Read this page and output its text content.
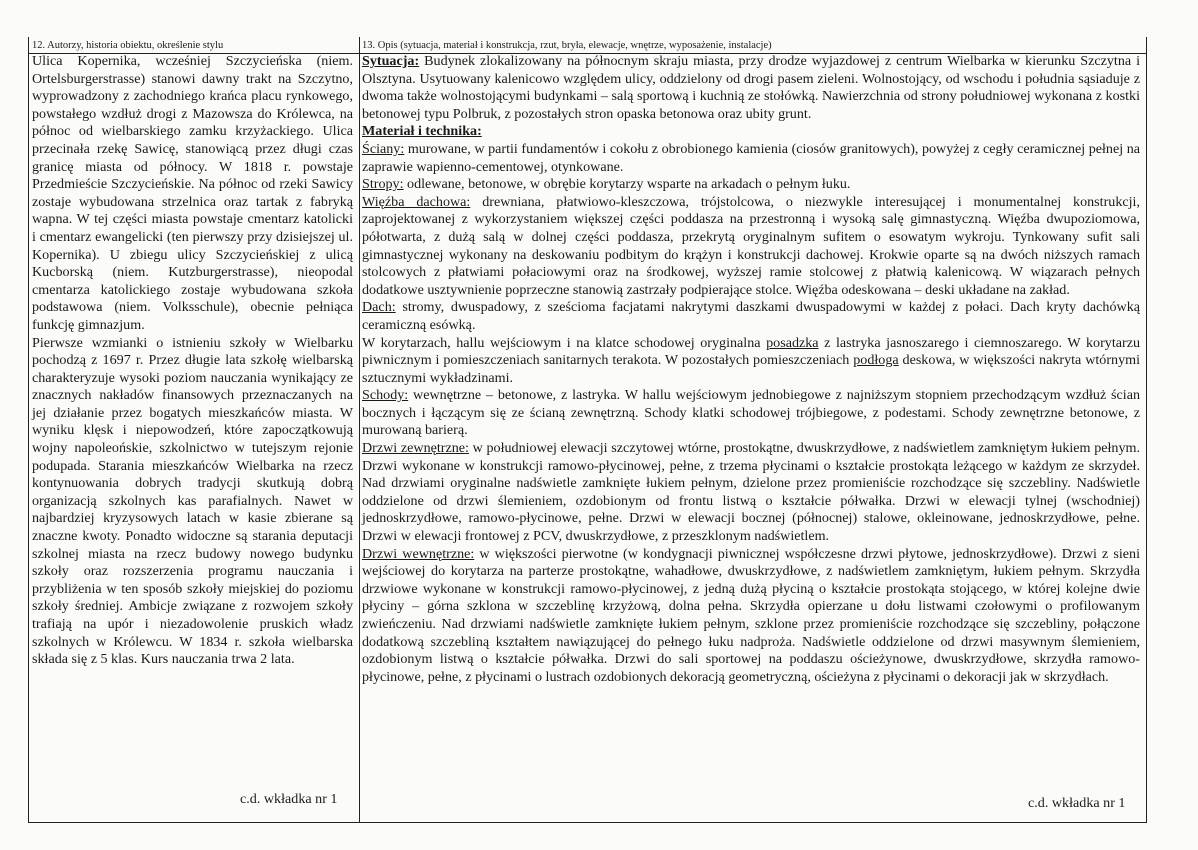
12. Autorzy, historia obiektu, określenie stylu	13. Opis (sytuacja, materiał i konstrukcja, rzut, bryła, elewacje, wnętrze, wyposażenie, instalacje)

Ulica Kopernika, wcześniej Szczycieńska (niem. Ortelsburgerstrasse) stanowi dawny trakt na Szczytno, wyprowadzony z zachodniego krańca placu rynkowego, powstałego wzdłuż drogi z Mazowsza do Królewca, na północ od wielbarskiego zamku krzyżackiego. Ulica przecinała rzekę Sawicę, stanowiącą przez długi czas granicę miasta od północy. W 1818 r. powstaje Przedmieście Szczycieńskie. Na północ od rzeki Sawicy zostaje wybudowana strzelnica oraz tartak z fabryką wapna. W tej części miasta powstaje cmentarz katolicki i cmentarz ewangelicki (ten pierwszy przy dzisiejszej ul. Kopernika). U zbiegu ulicy Szczycieńskiej z ulicą Kucborską (niem. Kutzburgerstrasse), nieopodal cmentarza katolickiego zostaje wybudowana szkoła podstawowa (niem. Volksschule), obecnie pełniąca funkcję gimnazjum.

Pierwsze wzmianki o istnieniu szkoły w Wielbarku pochodzą z 1697 r. Przez długie lata szkołę wielbarską charakteryzuje wysoki poziom nauczania wynikający ze znacznych nakładów finansowych przeznaczanych na jej działanie przez bogatych mieszkańców miasta. W wyniku klęsk i niepowodzeń, które zapoczątkowują wojny napoleońskie, szkolnictwo w tutejszym rejonie podupada. Starania mieszkańców Wielbarka na rzecz kontynuowania dobrych tradycji skutkują dobrą organizacją szkolnych kas parafialnych. Nawet w najbardziej kryzysowych latach w kasie zbierane są znaczne kwoty. Ponadto widoczne są starania deputacji szkolnej miasta na rzecz budowy nowego budynku szkoły oraz rozszerzenia programu nauczania i przybliżenia w ten sposób szkoły miejskiej do poziomu szkoły średniej. Ambicje związane z rozwojem szkoły trafiają na upór i niezadowolenie pruskich władz szkolnych w Królewcu. W 1834 r. szkoła wielbarska składa się z 5 klas. Kurs nauczania trwa 2 lata.

c.d. wkładka nr 1

Sytuacja: Budynek zlokalizowany na północnym skraju miasta, przy drodze wyjazdowej z centrum Wielbarka w kierunku Szczytna i Olsztyna. Usytuowany kalenicowo względem ulicy, oddzielony od drogi pasem zieleni. Wolnostojący, od wschodu i południa sąsiaduje z dwoma także wolnostojącymi budynkami – salą sportową i kuchnią ze stołówką. Nawierzchnia od strony południowej wykonana z kostki betonowej typu Polbruk, z pozostałych stron opaska betonowa oraz ubity grunt.

Materiał i technika:

Ściany: murowane, w partii fundamentów i cokołu z obrobionego kamienia (ciosów granitowych), powyżej z cegły ceramicznej pełnej na zaprawie wapienno-cementowej, otynkowane.

Stropy: odlewane, betonowe, w obrębie korytarzy wsparte na arkadach o pełnym łuku.

Więźba dachowa: drewniana, płatwiowo-kleszczowa, trójstolcowa, o niezwykle interesującej i monumentalnej konstrukcji, zaprojektowanej z wykorzystaniem większej części poddasza na przestronną i wysoką salę gimnastyczną. Więźba dwupoziomowa, półotwarta, z dużą salą w dolnej części poddasza, przekrytą oryginalnym sufitem o esowatym wykroju. Tynkowany sufit sali gimnastycznej wykonany na deskowaniu podbitym do krążyn i konstrukcji dachowej. Krokwie oparte są na dwóch niższych ramach stolcowych z płatwiami połaciowymi oraz na środkowej, wyższej ramie stolcowej z płatwią kalenicową. W wiązarach pełnych dodatkowe usztywnienie poprzeczne stanowią zastrzały podpierające stolce. Więźba odeskowana – deski układane na zakład.

Dach: stromy, dwuspadowy, z sześcioma facjatami nakrytymi daszkami dwuspadowymi w każdej z połaci. Dach kryty dachówką ceramiczną esówką.

W korytarzach, hallu wejściowym i na klatce schodowej oryginalna posadzka z lastryka jasnoszarego i ciemnoszarego. W korytarzu piwnicznym i pomieszczeniach sanitarnych terakota. W pozostałych pomieszczeniach podłoga deskowa, w większości nakryta wtórnymi sztucznymi wykładzinami.

Schody: wewnętrzne – betonowe, z lastryka. W hallu wejściowym jednobiegowe z najniższym stopniem przechodzącym wzdłuż ścian bocznych i łączącym się ze ścianą zewnętrzną. Schody klatki schodowej trójbiegowe, z podestami. Schody zewnętrzne betonowe, z murowaną barierą.

Drzwi zewnętrzne: w południowej elewacji szczytowej wtórne, prostokątne, dwuskrzydłowe, z nadświetlem zamkniętym łukiem pełnym. Drzwi wykonane w konstrukcji ramowo-płycinowej, pełne, z trzema płycinami o kształcie prostokąta leżącego w każdym ze skrzydeł. Nad drzwiami oryginalne nadświetle zamknięte łukiem pełnym, dzielone przez promieniście rozchodzące się szczebliny. Nadświetle oddzielone od drzwi ślemieniem, ozdobionym od frontu listwą o kształcie półwałka. Drzwi w elewacji tylnej (wschodniej) jednoskrzydłowe, ramowo-płycinowe, pełne. Drzwi w elewacji bocznej (północnej) stalowe, okleinowane, jednoskrzydłowe, pełne. Drzwi w elewacji frontowej z PCV, dwuskrzydłowe, z przeszklonym nadświetlem.

Drzwi wewnętrzne: w większości pierwotne (w kondygnacji piwnicznej współczesne drzwi płytowe, jednoskrzydłowe). Drzwi z sieni wejściowej do korytarza na parterze prostokątne, wahadłowe, dwuskrzydłowe, z nadświetlem zamkniętym, łukiem pełnym. Skrzydła drzwiowe wykonane w konstrukcji ramowo-płycinowej, z jedną dużą płyciną o kształcie prostokąta stojącego, w której kolejne dwie płyciny – górna szklona w szczeblinę krzyżową, dolna pełna. Skrzydła opierzane u dołu listwami czołowymi o profilowanym zwieńczeniu. Nad drzwiami nadświetle zamknięte łukiem pełnym, szklone przez promieniście rozchodzące się szczebliny, połączone dodatkową szczebliną kształtem nawiązującej do pełnego łuku nadproża. Nadświetle oddzielone od drzwi masywnym ślemieniem, ozdobionym listwą o kształcie półwałka. Drzwi do sali sportowej na poddaszu ościeżynowe, dwuskrzydłowe, skrzydła ramowo-płycinowe, pełne, z płycinami o lustrach ozdobionych dekoracją geometryczną, ościeżyna z płycinami o dekoracji jak w skrzydłach.

c.d. wkładka nr 1
